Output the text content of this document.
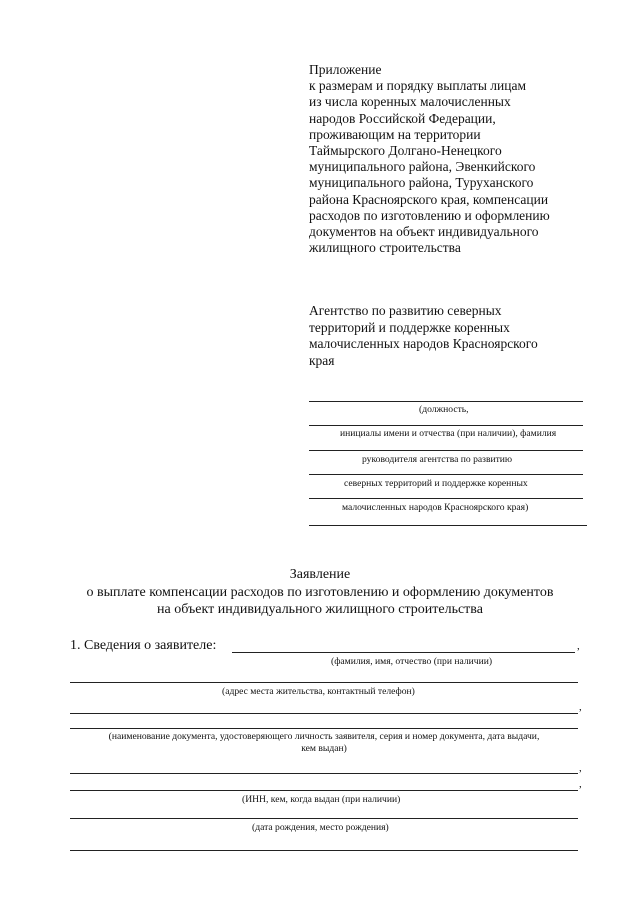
Приложение
к размерам и порядку выплаты лицам
из числа коренных малочисленных
народов Российской Федерации,
проживающим на территории
Таймырского Долгано-Ненецкого
муниципального района, Эвенкийского
муниципального района, Туруханского
района Красноярского края, компенсации
расходов по изготовлению и оформлению
документов на объект индивидуального
жилищного строительства
Агентство по развитию северных
территорий и поддержке коренных
малочисленных народов Красноярского
края
(должность,
инициалы имени и отчества (при наличии), фамилия
руководителя агентства по развитию
северных территорий и поддержке коренных
малочисленных народов Красноярского края)
Заявление
о выплате компенсации расходов по изготовлению и оформлению документов
на объект индивидуального жилищного строительства
1. Сведения о заявителе:	,
(фамилия, имя, отчество (при наличии)
(адрес места жительства, контактный телефон)
,
(наименование документа, удостоверяющего личность заявителя, серия и номер документа, дата выдачи,
кем выдан)
,
,
(ИНН, кем, когда выдан (при наличии)
(дата рождения, место рождения)
